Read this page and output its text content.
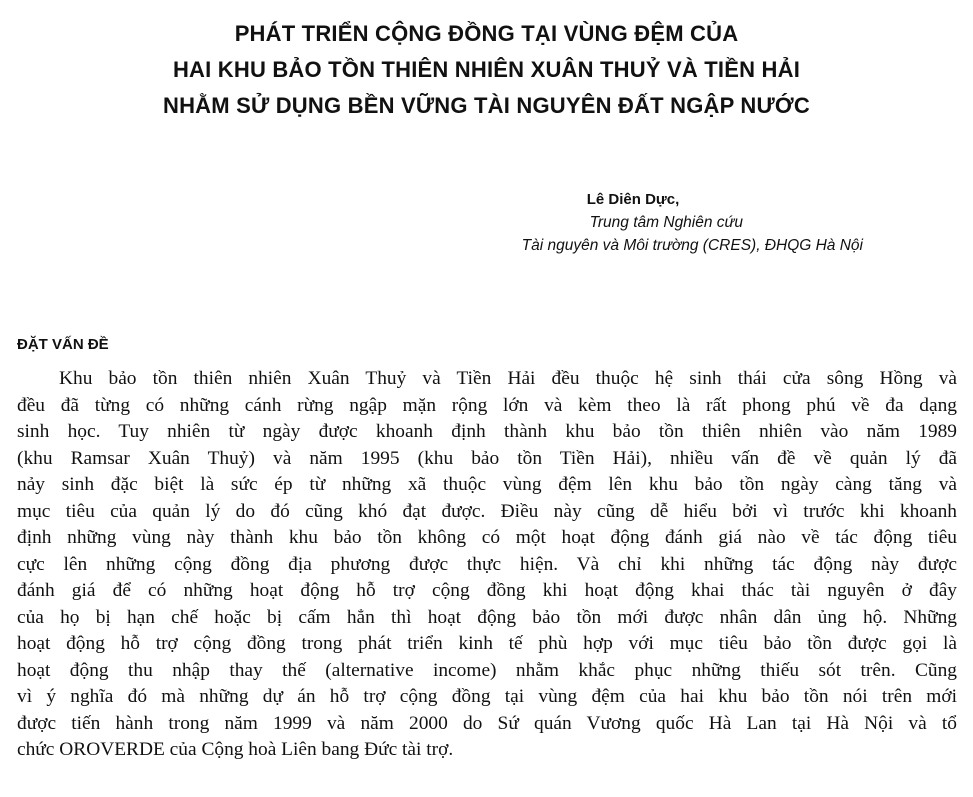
PHÁT TRIỂN CỘNG ĐỒNG TẠI VÙNG ĐỆM CỦA
HAI KHU BẢO TỒN THIÊN NHIÊN XUÂN THUỶ VÀ TIỀN HẢI
NHẰM SỬ DỤNG BỀN VỮNG TÀI NGUYÊN ĐẤT NGẬP NƯỚC
Lê Diên Dực,
Trung tâm Nghiên cứu
Tài nguyên và Môi trường (CRES), ĐHQG Hà Nội
ĐẶT VẤN ĐỀ
Khu bảo tồn thiên nhiên Xuân Thuỷ và Tiền Hải đều thuộc hệ sinh thái cửa sông Hồng và
đều đã từng có những cánh rừng ngập mặn rộng lớn và kèm theo là rất phong phú về đa dạng
sinh học. Tuy nhiên từ ngày được khoanh định thành khu bảo tồn thiên nhiên vào năm 1989
(khu Ramsar Xuân Thuỷ) và năm 1995 (khu bảo tồn Tiền Hải), nhiều vấn đề về quản lý đã
nảy sinh đặc biệt là sức ép từ những xã thuộc vùng đệm lên khu bảo tồn ngày càng tăng và
mục tiêu của quản lý do đó cũng khó đạt được. Điều này cũng dễ hiểu bởi vì trước khi khoanh
định những vùng này thành khu bảo tồn không có một hoạt động đánh giá nào về tác động tiêu
cực lên những cộng đồng địa phương được thực hiện. Và chỉ khi những tác động này được
đánh giá để có những hoạt động hỗ trợ cộng đồng khi hoạt động khai thác tài nguyên ở đây
của họ bị hạn chế hoặc bị cấm hẳn thì hoạt động bảo tồn mới được nhân dân ủng hộ. Những
hoạt động hỗ trợ cộng đồng trong phát triển kinh tế phù hợp với mục tiêu bảo tồn được gọi là
hoạt động thu nhập thay thế (alternative income) nhằm khắc phục những thiếu sót trên. Cũng
vì ý nghĩa đó mà những dự án hỗ trợ cộng đồng tại vùng đệm của hai khu bảo tồn nói trên mới
được tiến hành trong năm 1999 và năm 2000 do Sứ quán Vương quốc Hà Lan tại Hà Nội và tổ
chức OROVERDE của Cộng hoà Liên bang Đức tài trợ.
